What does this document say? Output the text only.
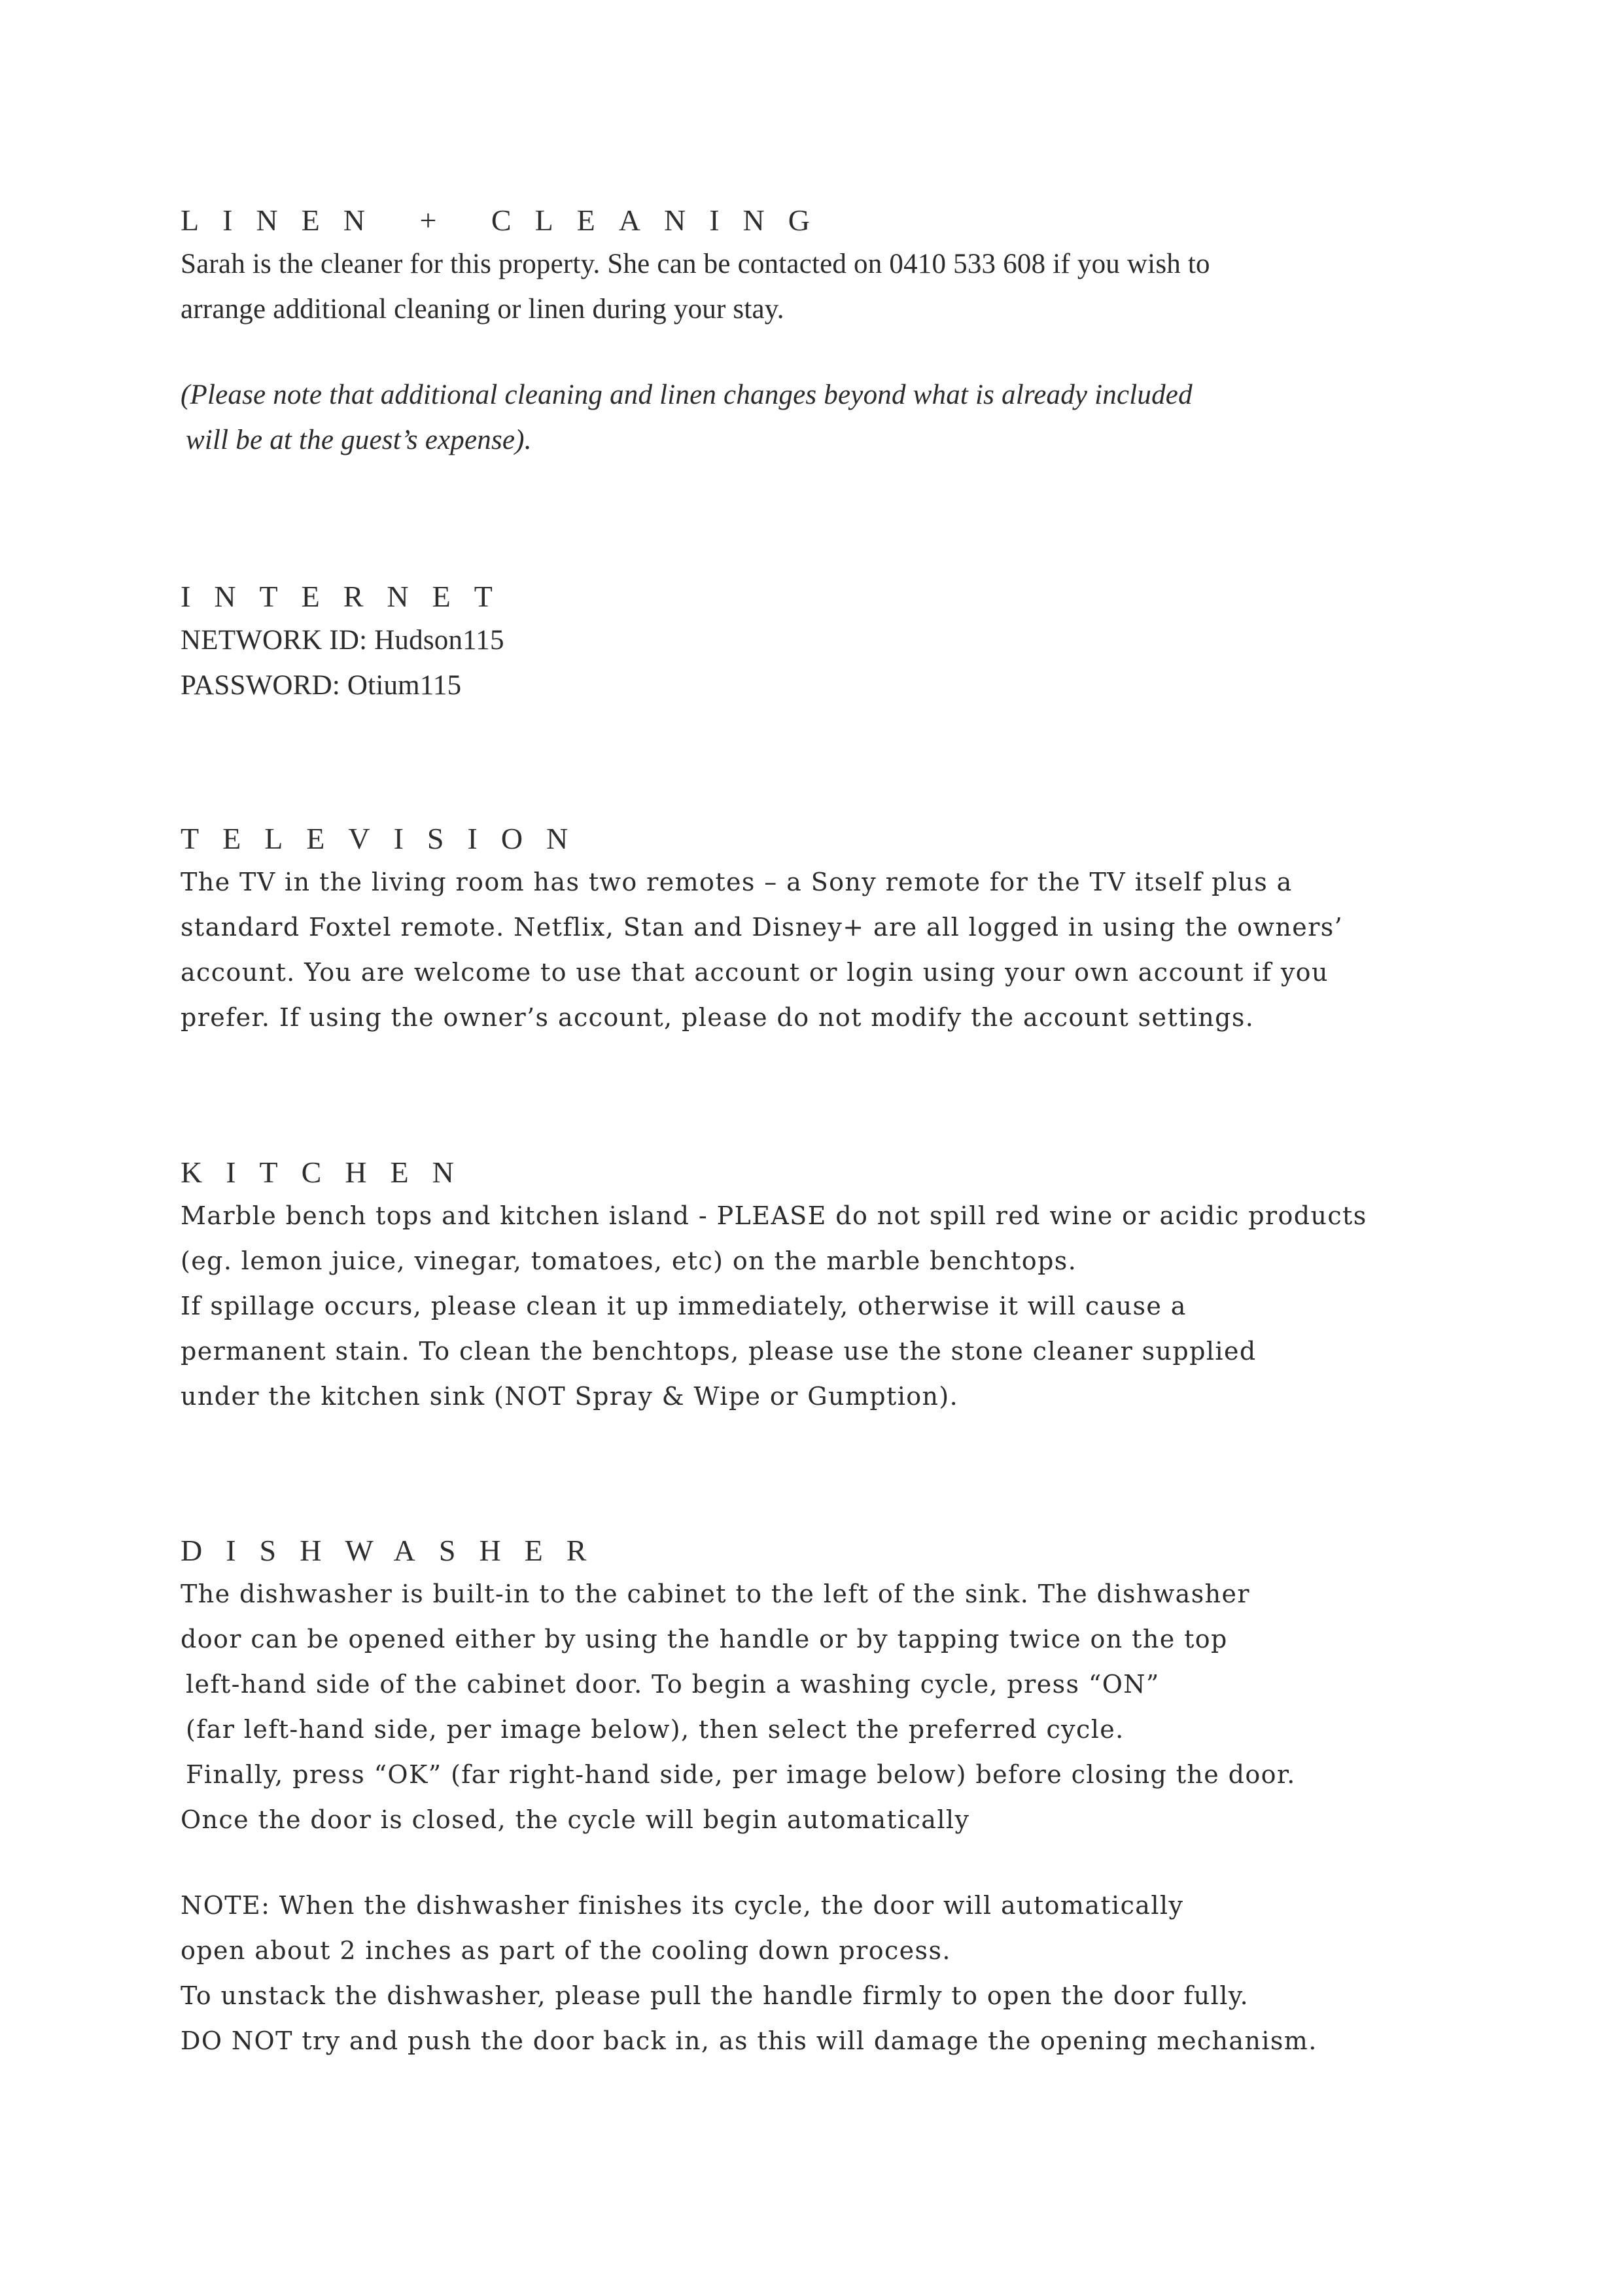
LINEN + CLEANING

Sarah is the cleaner for this property. She can be contacted on 0410 533 608 if you wish to

arrange additional cleaning or linen during your stay.

(Please note that additional cleaning and linen changes beyond what is already included

will be at the guest’s expense).

INTERNET

NETWORK ID: Hudson115

PASSWORD: Otium115

TELEVISION

The TV in the living room has two remotes – a Sony remote for the TV itself plus a

standard Foxtel remote. Netflix, Stan and Disney+ are all logged in using the owners’

account. You are welcome to use that account or login using your own account if you

prefer. If using the owner’s account, please do not modify the account settings.

KITCHEN

Marble bench tops and kitchen island - PLEASE do not spill red wine or acidic products

(eg. lemon juice, vinegar, tomatoes, etc) on the marble benchtops.

If spillage occurs, please clean it up immediately, otherwise it will cause a

permanent stain. To clean the benchtops, please use the stone cleaner supplied

under the kitchen sink (NOT Spray & Wipe or Gumption).

DISHWASHER

The dishwasher is built-in to the cabinet to the left of the sink. The dishwasher

door can be opened either by using the handle or by tapping twice on the top

left-hand side of the cabinet door. To begin a washing cycle, press “ON”

(far left-hand side, per image below), then select the preferred cycle.

Finally, press “OK” (far right-hand side, per image below) before closing the door.

Once the door is closed, the cycle will begin automatically

NOTE: When the dishwasher finishes its cycle, the door will automatically

open about 2 inches as part of the cooling down process.

To unstack the dishwasher, please pull the handle firmly to open the door fully.

DO NOT try and push the door back in, as this will damage the opening mechanism.
